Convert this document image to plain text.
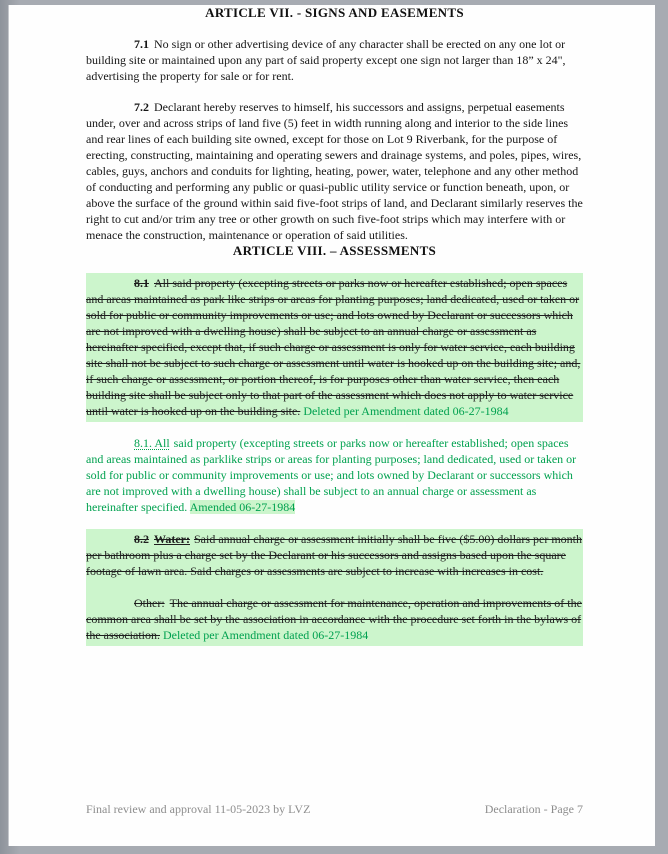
ARTICLE VII. - SIGNS AND EASEMENTS

7.1 No sign or other advertising device of any character shall be erected on any one lot or building site or maintained upon any part of said property except one sign not larger than 18” x 24", advertising the property for sale or for rent.

7.2 Declarant hereby reserves to himself, his successors and assigns, perpetual easements under, over and across strips of land five (5) feet in width running along and interior to the side lines and rear lines of each building site owned, except for those on Lot 9 Riverbank, for the purpose of erecting, constructing, maintaining and operating sewers and drainage systems, and poles, pipes, wires, cables, guys, anchors and conduits for lighting, heating, power, water, telephone and any other method of conducting and performing any public or quasi-public utility service or function beneath, upon, or above the surface of the ground within said five-foot strips of land, and Declarant similarly reserves the right to cut and/or trim any tree or other growth on such five-foot strips which may interfere with or menace the construction, maintenance or operation of said utilities.

ARTICLE VIII. – ASSESSMENTS

8.1 All said property (excepting streets or parks now or hereafter established; open spaces and areas maintained as park like strips or areas for planting purposes; land dedicated, used or taken or sold for public or community improvements or use; and lots owned by Declarant or successors which are not improved with a dwelling house) shall be subject to an annual charge or assessment as hereinafter specified, except that, if such charge or assessment is only for water service, each building site shall not be subject to such charge or assessment until water is hooked up on the building site; and, if such charge or assessment, or portion thereof, is for purposes other than water service, then each building site shall be subject only to that part of the assessment which does not apply to water service until water is hooked up on the building site. Deleted per Amendment dated 06-27-1984

8.1. All said property (excepting streets or parks now or hereafter established; open spaces and areas maintained as parklike strips or areas for planting purposes; land dedicated, used or taken or sold for public or community improvements or use; and lots owned by Declarant or successors which are not improved with a dwelling house) shall be subject to an annual charge or assessment as hereinafter specified. Amended 06-27-1984

8.2 Water: Said annual charge or assessment initially shall be five ($5.00) dollars per month per bathroom plus a charge set by the Declarant or his successors and assigns based upon the square footage of lawn area. Said charges or assessments are subject to increase with increases in cost.

Other: The annual charge or assessment for maintenance, operation and improvements of the common area shall be set by the association in accordance with the procedure set forth in the bylaws of the association. Deleted per Amendment dated 06-27-1984

Final review and approval 11-05-2023 by LVZ	Declaration - Page 7
